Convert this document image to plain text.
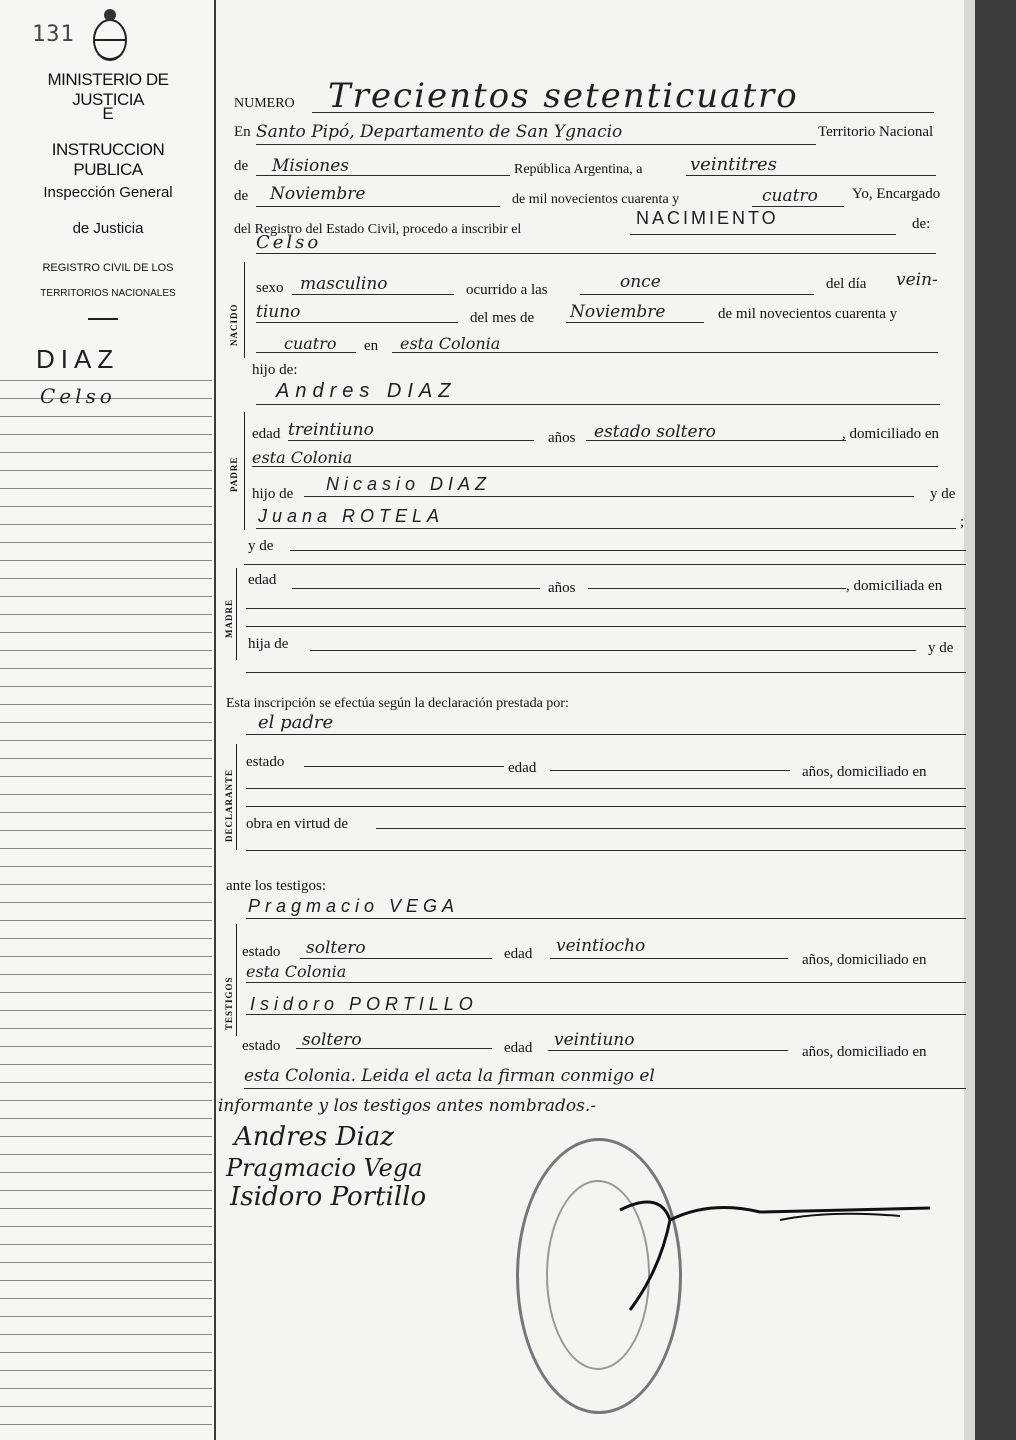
131
MINISTERIO DE JUSTICIA
E
INSTRUCCION PUBLICA
Inspección General
de Justicia
REGISTRO CIVIL DE LOS
TERRITORIOS NACIONALES
DIAZ
Celso
NUMERO Trecientos setenticuatro
En Santo Pipó, Departamento de San Ygnacio	Territorio Nacional
de Misiones	República Argentina, a	veintitres
de Noviembre	de mil novecientos cuarenta y	cuatro Yo, Encargado
del Registro del Estado Civil, procedo a inscribir el
NACIMIENTO	de:
Celso
NACIDO
sexo masculino	ocurrido a las	once	del día vein-
tiuno	del mes de Noviembre	de mil novecientos cuarenta y
cuatro en esta Colonia
hijo de:
Andres DIAZ
PADRE
edad treintiuno	años estado soltero	, domiciliado en
esta Colonia
hijo de Nicasio DIAZ	y de
Juana ROTELA	;
y de
MADRE
edad	años	, domiciliada en
hija de	y de
Esta inscripción se efectúa según la declaración prestada por:
el padre
DECLARANTE
estado	edad	años, domiciliado en
obra en virtud de
ante los testigos:
Pragmacio VEGA
TESTIGOS
estado soltero	edad veintiocho
años, domiciliado en
esta Colonia
Isidoro PORTILLO
estado soltero	edad veintiuno
años, domiciliado en
esta Colonia. Leida el acta la firman conmigo el
informante y los testigos antes nombrados.-
Andres Diaz
Pragmacio Vega
Isidoro Portillo
